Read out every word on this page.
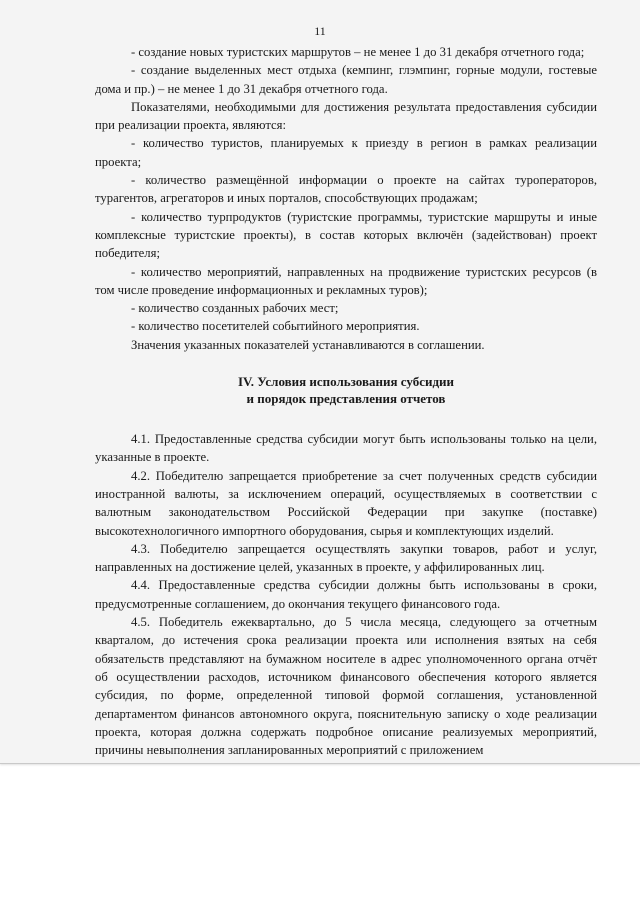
11

- создание новых туристских маршрутов – не менее 1 до 31 декабря отчетного года;

- создание выделенных мест отдыха (кемпинг, глэмпинг, горные модули, гостевые дома и пр.) – не менее 1 до 31 декабря отчетного года.

Показателями, необходимыми для достижения результата предоставления субсидии при реализации проекта, являются:

- количество туристов, планируемых к приезду в регион в рамках реализации проекта;

- количество размещённой информации о проекте на сайтах туроператоров, турагентов, агрегаторов и иных порталов, способствующих продажам;

- количество турпродуктов (туристские программы, туристские маршруты и иные комплексные туристские проекты), в состав которых включён (задействован) проект победителя;

- количество мероприятий, направленных на продвижение туристских ресурсов (в том числе проведение информационных и рекламных туров);

- количество созданных рабочих мест;

- количество посетителей событийного мероприятия.

Значения указанных показателей устанавливаются в соглашении.

IV. Условия использования субсидии
и порядок представления отчетов

4.1. Предоставленные средства субсидии могут быть использованы только на цели, указанные в проекте.

4.2. Победителю запрещается приобретение за счет полученных средств субсидии иностранной валюты, за исключением операций, осуществляемых в соответствии с валютным законодательством Российской Федерации при закупке (поставке) высокотехнологичного импортного оборудования, сырья и комплектующих изделий.

4.3. Победителю запрещается осуществлять закупки товаров, работ и услуг, направленных на достижение целей, указанных в проекте, у аффилированных лиц.

4.4. Предоставленные средства субсидии должны быть использованы в сроки, предусмотренные соглашением, до окончания текущего финансового года.

4.5. Победитель ежеквартально, до 5 числа месяца, следующего за отчетным кварталом, до истечения срока реализации проекта или исполнения взятых на себя обязательств представляют на бумажном носителе в адрес уполномоченного органа отчёт об осуществлении расходов, источником финансового обеспечения которого является субсидия, по форме, определенной типовой формой соглашения, установленной департаментом финансов автономного округа, пояснительную записку о ходе реализации проекта, которая должна содержать подробное описание реализуемых мероприятий, причины невыполнения запланированных мероприятий с приложением
